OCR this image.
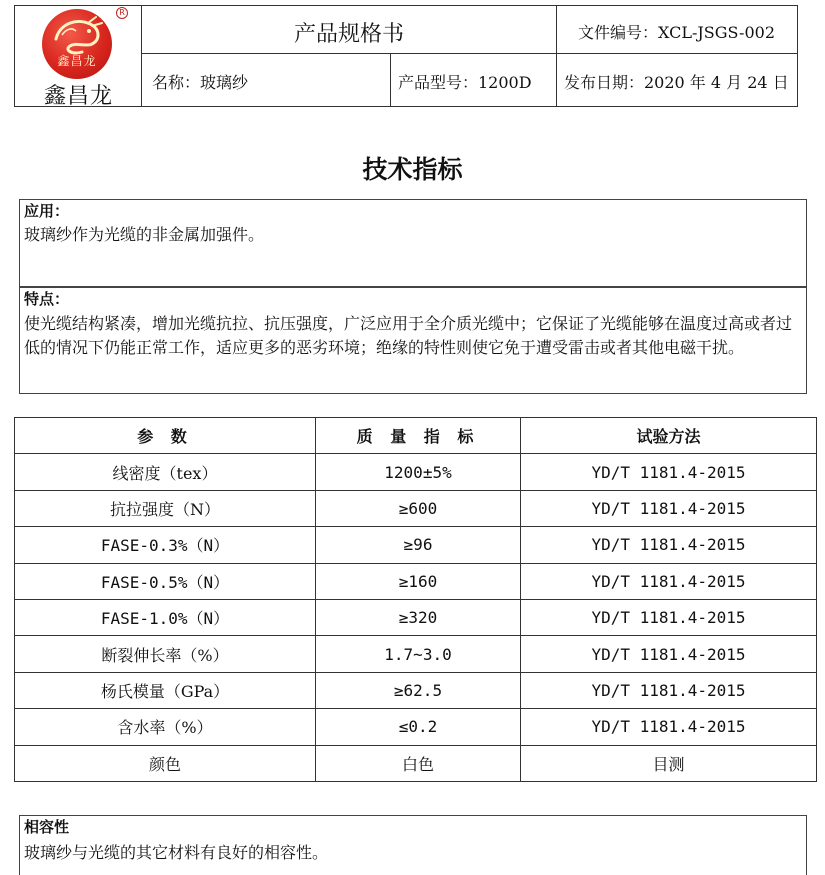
鑫昌龙
R
鑫昌龙
产品规格书	文件编号：XCL-JSGS-002
名称：玻璃纱	产品型号：1200D 发布日期：2020 年 4 月 24 日
技术指标
应用：
玻璃纱作为光缆的非金属加强件。
特点：
使光缆结构紧凑，增加光缆抗拉、抗压强度，广泛应用于全介质光缆中；它保证了光缆能够在温度过高或者过低的情况下仍能正常工作，适应更多的恶劣环境；绝缘的特性则使它免于遭受雷击或者其他电磁干扰。
参 数	质 量 指 标	试验方法
线密度（tex）	1200±5%	YD/T 1181.4-2015
抗拉强度（N）	≥600	YD/T 1181.4-2015
FASE-0.3%（N）	≥96	YD/T 1181.4-2015
FASE-0.5%（N）	≥160	YD/T 1181.4-2015
FASE-1.0%（N）	≥320	YD/T 1181.4-2015
断裂伸长率（%）	1.7~3.0	YD/T 1181.4-2015
杨氏模量（GPa）	≥62.5	YD/T 1181.4-2015
含水率（%）	≤0.2	YD/T 1181.4-2015
颜色	白色	目测
相容性
玻璃纱与光缆的其它材料有良好的相容性。
